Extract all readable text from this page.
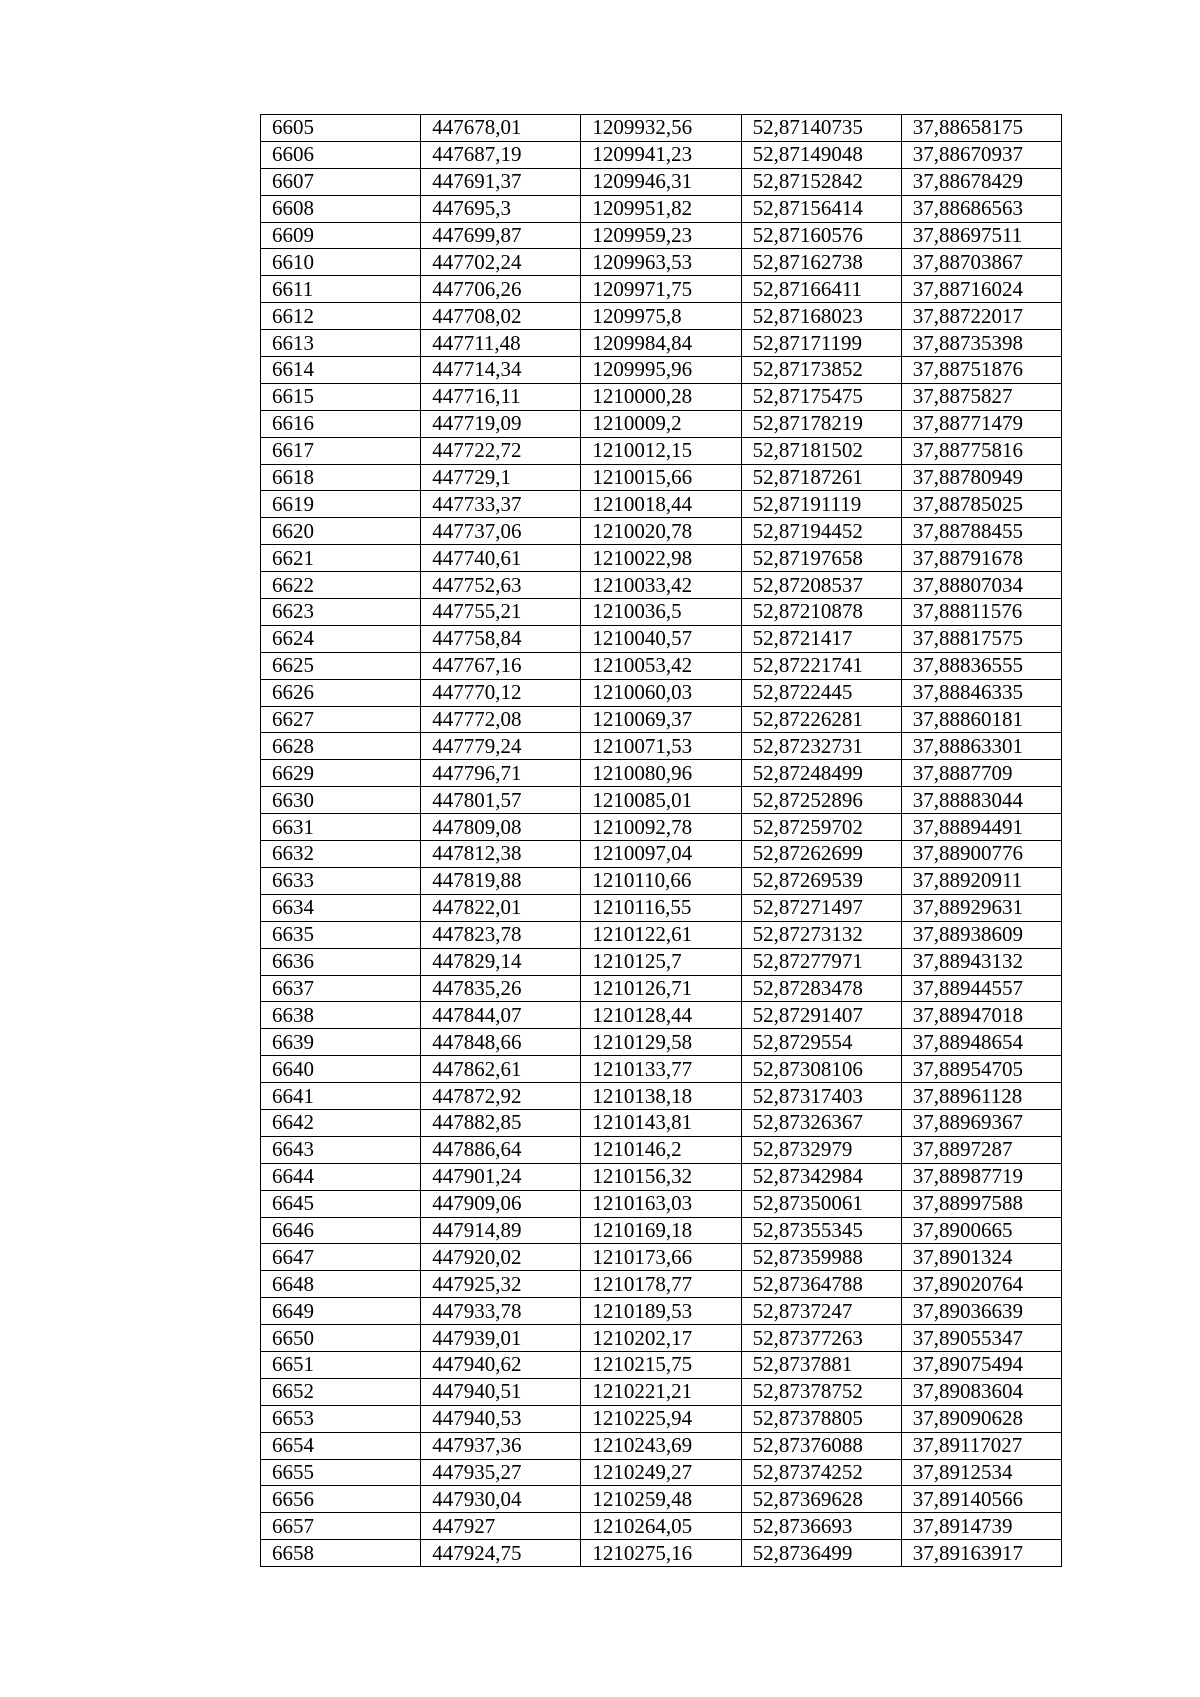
6605	447678,01	1209932,56	52,87140735	37,88658175
6606	447687,19	1209941,23	52,87149048	37,88670937
6607	447691,37	1209946,31	52,87152842	37,88678429
6608	447695,3	1209951,82	52,87156414	37,88686563
6609	447699,87	1209959,23	52,87160576	37,88697511
6610	447702,24	1209963,53	52,87162738	37,88703867
6611	447706,26	1209971,75	52,87166411	37,88716024
6612	447708,02	1209975,8	52,87168023	37,88722017
6613	447711,48	1209984,84	52,87171199	37,88735398
6614	447714,34	1209995,96	52,87173852	37,88751876
6615	447716,11	1210000,28	52,87175475	37,8875827
6616	447719,09	1210009,2	52,87178219	37,88771479
6617	447722,72	1210012,15	52,87181502	37,88775816
6618	447729,1	1210015,66	52,87187261	37,88780949
6619	447733,37	1210018,44	52,87191119	37,88785025
6620	447737,06	1210020,78	52,87194452	37,88788455
6621	447740,61	1210022,98	52,87197658	37,88791678
6622	447752,63	1210033,42	52,87208537	37,88807034
6623	447755,21	1210036,5	52,87210878	37,88811576
6624	447758,84	1210040,57	52,8721417	37,88817575
6625	447767,16	1210053,42	52,87221741	37,88836555
6626	447770,12	1210060,03	52,8722445	37,88846335
6627	447772,08	1210069,37	52,87226281	37,88860181
6628	447779,24	1210071,53	52,87232731	37,88863301
6629	447796,71	1210080,96	52,87248499	37,8887709
6630	447801,57	1210085,01	52,87252896	37,88883044
6631	447809,08	1210092,78	52,87259702	37,88894491
6632	447812,38	1210097,04	52,87262699	37,88900776
6633	447819,88	1210110,66	52,87269539	37,88920911
6634	447822,01	1210116,55	52,87271497	37,88929631
6635	447823,78	1210122,61	52,87273132	37,88938609
6636	447829,14	1210125,7	52,87277971	37,88943132
6637	447835,26	1210126,71	52,87283478	37,88944557
6638	447844,07	1210128,44	52,87291407	37,88947018
6639	447848,66	1210129,58	52,8729554	37,88948654
6640	447862,61	1210133,77	52,87308106	37,88954705
6641	447872,92	1210138,18	52,87317403	37,88961128
6642	447882,85	1210143,81	52,87326367	37,88969367
6643	447886,64	1210146,2	52,8732979	37,8897287
6644	447901,24	1210156,32	52,87342984	37,88987719
6645	447909,06	1210163,03	52,87350061	37,88997588
6646	447914,89	1210169,18	52,87355345	37,8900665
6647	447920,02	1210173,66	52,87359988	37,8901324
6648	447925,32	1210178,77	52,87364788	37,89020764
6649	447933,78	1210189,53	52,8737247	37,89036639
6650	447939,01	1210202,17	52,87377263	37,89055347
6651	447940,62	1210215,75	52,8737881	37,89075494
6652	447940,51	1210221,21	52,87378752	37,89083604
6653	447940,53	1210225,94	52,87378805	37,89090628
6654	447937,36	1210243,69	52,87376088	37,89117027
6655	447935,27	1210249,27	52,87374252	37,8912534
6656	447930,04	1210259,48	52,87369628	37,89140566
6657	447927	1210264,05	52,8736693	37,8914739
6658	447924,75	1210275,16	52,8736499	37,89163917
